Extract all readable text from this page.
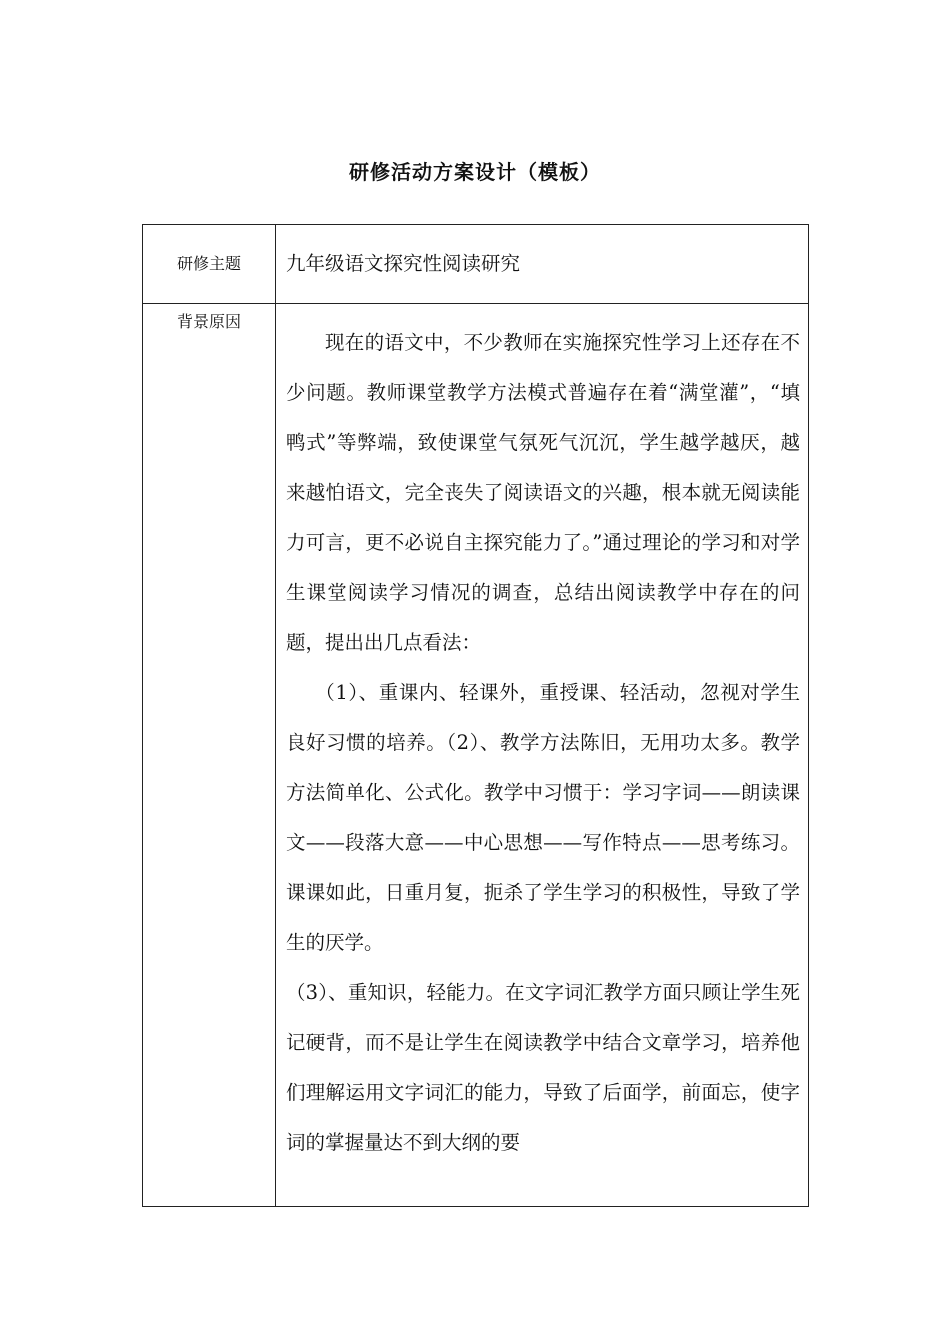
研修活动方案设计（模板）
研修主题	九年级语文探究性阅读研究
背景原因	现在的语文中，不少教师在实施探究性学习上还存在不少问题。教师课堂教学方法模式普遍存在着“满堂灌”，“填鸭式”等弊端，致使课堂气氛死气沉沉，学生越学越厌，越来越怕语文，完全丧失了阅读语文的兴趣，根本就无阅读能力可言，更不必说自主探究能力了。”通过理论的学习和对学生课堂阅读学习情况的调查，总结出阅读教学中存在的问题，提出出几点看法：

（1）、重课内、轻课外，重授课、轻活动，忽视对学生良好习惯的培养。（2）、教学方法陈旧，无用功太多。教学方法简单化、公式化。教学中习惯于：学习字词——朗读课文——段落大意——中心思想——写作特点——思考练习。课课如此，日重月复，扼杀了学生学习的积极性，导致了学生的厌学。

（3）、重知识，轻能力。在文字词汇教学方面只顾让学生死记硬背，而不是让学生在阅读教学中结合文章学习，培养他们理解运用文字词汇的能力，导致了后面学，前面忘，使字词的掌握量达不到大纲的要
